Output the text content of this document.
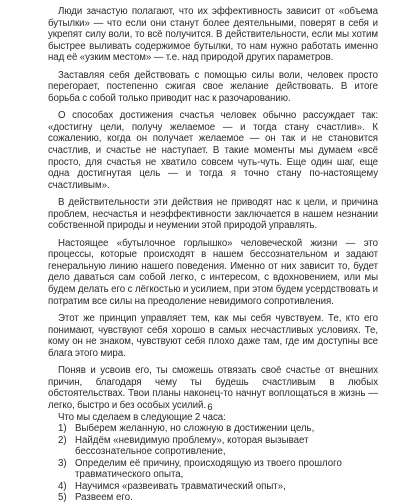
Люди зачастую полагают, что их эффективность зависит от «объема бутылки» — что если они станут более деятельными, поверят в себя и укрепят силу воли, то всё получится. В действительности, если мы хотим быстрее выливать содержимое бутылки, то нам нужно работать именно над её «узким местом» — т.е. над природой других параметров.

Заставляя себя действовать с помощью силы воли, человек просто перегорает, постепенно сжигая свое желание действовать. В итоге борьба с собой только приводит нас к разочарованию.

О способах достижения счастья человек обычно рассуждает так: «достигну цели, получу желаемое — и тогда стану счастлив». К сожалению, когда он получает желаемое — он так и не становится счастлив, и счастье не наступает. В такие моменты мы думаем «всё просто, для счастья не хватило совсем чуть-чуть. Еще один шаг, еще одна достигнутая цель — и тогда я точно стану по-настоящему счастливым».

В действительности эти действия не приводят нас к цели, и причина проблем, несчастья и неэффективности заключается в нашем незнании собственной природы и неумении этой природой управлять.

Настоящее «бутылочное горлышко» человеческой жизни — это процессы, которые происходят в нашем бессознательном и задают генеральную линию нашего поведения. Именно от них зависит то, будет дело даваться сам собой легко, с интересом, с вдохновением, или мы будем делать его с лёгкостью и усилием, при этом будем усердствовать и потратим все силы на преодоление невидимого сопротивления.

Этот же принцип управляет тем, как мы себя чувствуем. Те, кто его понимают, чувствуют себя хорошо в самых несчастливых условиях. Те, кому он не знаком, чувствуют себя плохо даже там, где им доступны все блага этого мира.

Поняв и усвоив его, ты сможешь отвязать своё счастье от внешних причин, благодаря чему ты будешь счастливым в любых обстоятельствах. Твои планы наконец-то начнут воплощаться в жизнь — легко, быстро и без особых усилий.

Что мы сделаем в следующие 2 часа:

1) Выберем желанную, но сложную в достижении цель,
2) Найдём «невидимую проблему», которая вызывает бессознательное сопротивление,
3) Определим её причину, происходящую из твоего прошлого травматического опыта,
4) Научимся «развеивать травматический опыт»,
5) Развеем его.
6
